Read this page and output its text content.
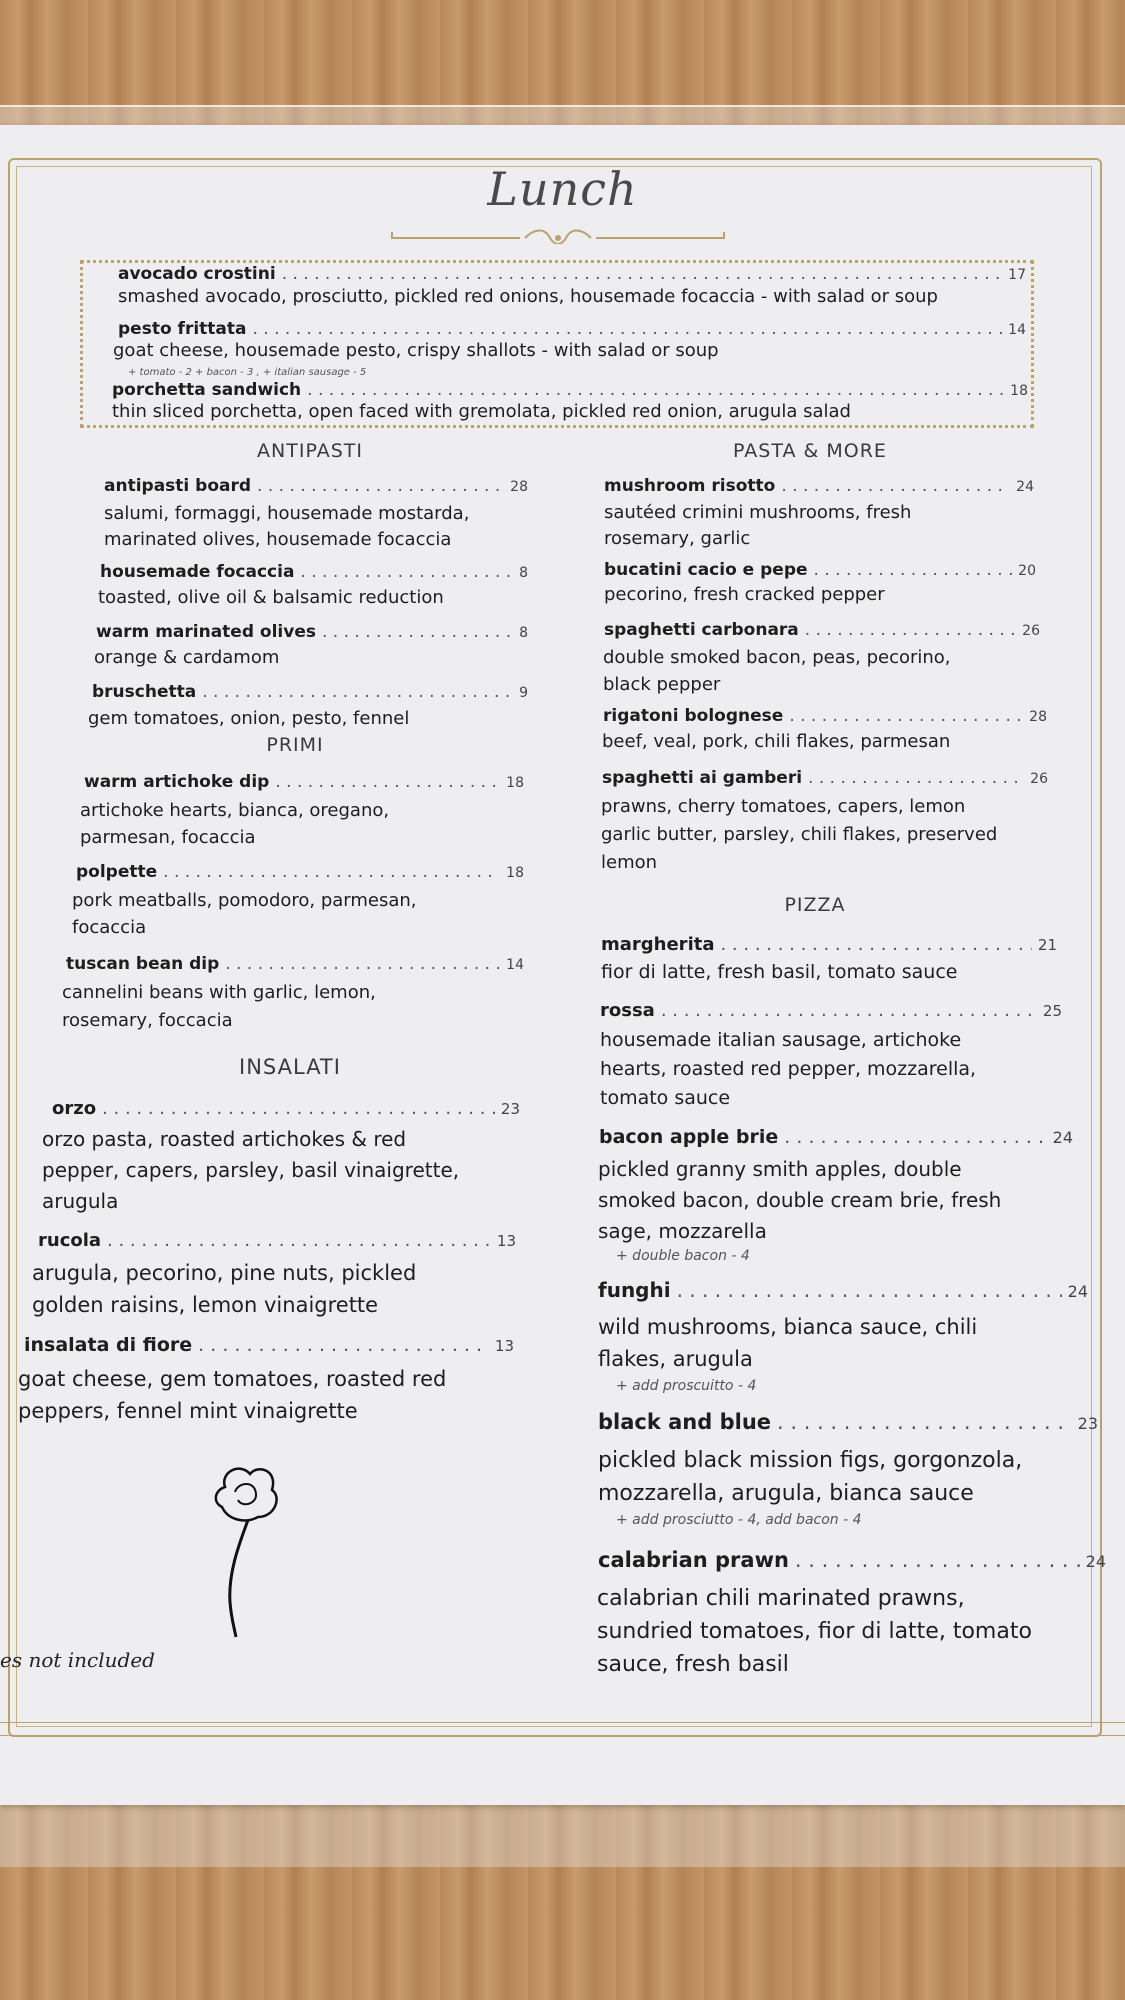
Lunch
avocado crostini . . .	17
smashed avocado, prosciutto, pickled red onions, housemade focaccia - with salad or soup
pesto frittata . . .	14
goat cheese, housemade pesto, crispy shallots - with salad or soup
+ tomato - 2 + bacon - 3 , + italian sausage - 5
porchetta sandwich . . .	18
thin sliced porchetta, open faced with gremolata, pickled red onion, arugula salad
ANTIPASTI
antipasti board . . .	28
salumi, formaggi, housemade mostarda, marinated olives, housemade focaccia
housemade focaccia . . .	8
toasted, olive oil & balsamic reduction
warm marinated olives . . .	8
orange & cardamom
bruschetta . . .	9
gem tomatoes, onion, pesto, fennel
PRIMI
warm artichoke dip . . .	18
artichoke hearts, bianca, oregano, parmesan, focaccia
polpette . . .	18
pork meatballs, pomodoro, parmesan, focaccia
tuscan bean dip . . .	14
cannelini beans with garlic, lemon, rosemary, foccacia
INSALATI
orzo . . .	23
orzo pasta, roasted artichokes & red pepper, capers, parsley, basil vinaigrette, arugula
rucola . . .	13
arugula, pecorino, pine nuts, pickled golden raisins, lemon vinaigrette
insalata di fiore . . .	13
goat cheese, gem tomatoes, roasted red peppers, fennel mint vinaigrette
es not included
PASTA & MORE
mushroom risotto . . .	24
sautéed crimini mushrooms, fresh rosemary, garlic
bucatini cacio e pepe . . .	20
pecorino, fresh cracked pepper
spaghetti carbonara . . .	26
double smoked bacon, peas, pecorino, black pepper
rigatoni bolognese . . .	28
beef, veal, pork, chili flakes, parmesan
spaghetti ai gamberi . . .	26
prawns, cherry tomatoes, capers, lemon garlic butter, parsley, chili flakes, preserved lemon
PIZZA
margherita . . .	21
fior di latte, fresh basil, tomato sauce
rossa . . .	25
housemade italian sausage, artichoke hearts, roasted red pepper, mozzarella, tomato sauce
bacon apple brie . . .	24
pickled granny smith apples, double smoked bacon, double cream brie, fresh sage, mozzarella
+ double bacon - 4
funghi . . .	24
wild mushrooms, bianca sauce, chili flakes, arugula
+ add proscuitto - 4
black and blue . . .	23
pickled black mission figs, gorgonzola, mozzarella, arugula, bianca sauce
+ add prosciutto - 4, add bacon - 4
calabrian prawn . . .	24
calabrian chili marinated prawns, sundried tomatoes, fior di latte, tomato sauce, fresh basil
